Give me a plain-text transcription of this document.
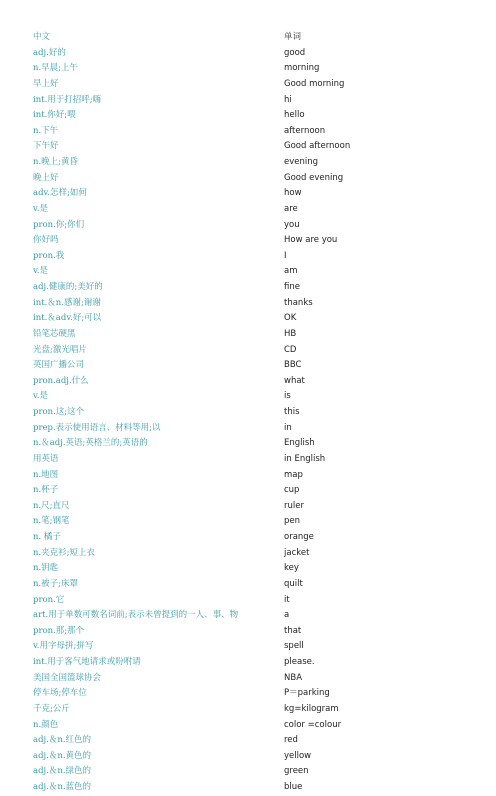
中文
adj.好的
n.早晨;上午
早上好
int.用于打招呼;嗨
int.你好;喂
n.下午
下午好
n.晚上;黄昏
晚上好
adv.怎样;如何
v.是
pron.你;你们
你好吗
pron.我
v.是
adj.健康的;美好的
int.＆n.感谢;谢谢
int.＆adv.好;可以
铅笔芯硬黑
光盘;激光唱片
英国广播公司
pron.adj.什么
v.是
pron.这;这个
prep.表示使用语言、材料等用;以
n.＆adj.英语;英格兰的;英语的
用英语
n.地图
n.杯子
n.尺;直尺
n.笔;钢笔
n. 橘子
n.夹克衫;短上衣
n.钥匙
n.被子;床罩
pron.它
art.用于单数可数名词前;表示未曾提到的一人、事、物
pron.那;那个
v.用字母拼;拼写
int.用于客气地请求或吩咐请
美国全国篮球协会
停车场;停车位
千克;公斤
n.颜色
adj.＆n.红色的
adj.＆n.黄色的
adj.＆n.绿色的
adj.＆n.蓝色的
单词
good
morning
Good morning
hi
hello
afternoon
Good afternoon
evening
Good evening
how
are
you
How are you
I
am
fine
thanks
OK
HB
CD
BBC
what
is
this
in
English
in English
map
cup
ruler
pen
orange
jacket
key
quilt
it
a
that
spell
please.
NBA
P＝parking
kg=kilogram
color =colour
red
yellow
green
blue
